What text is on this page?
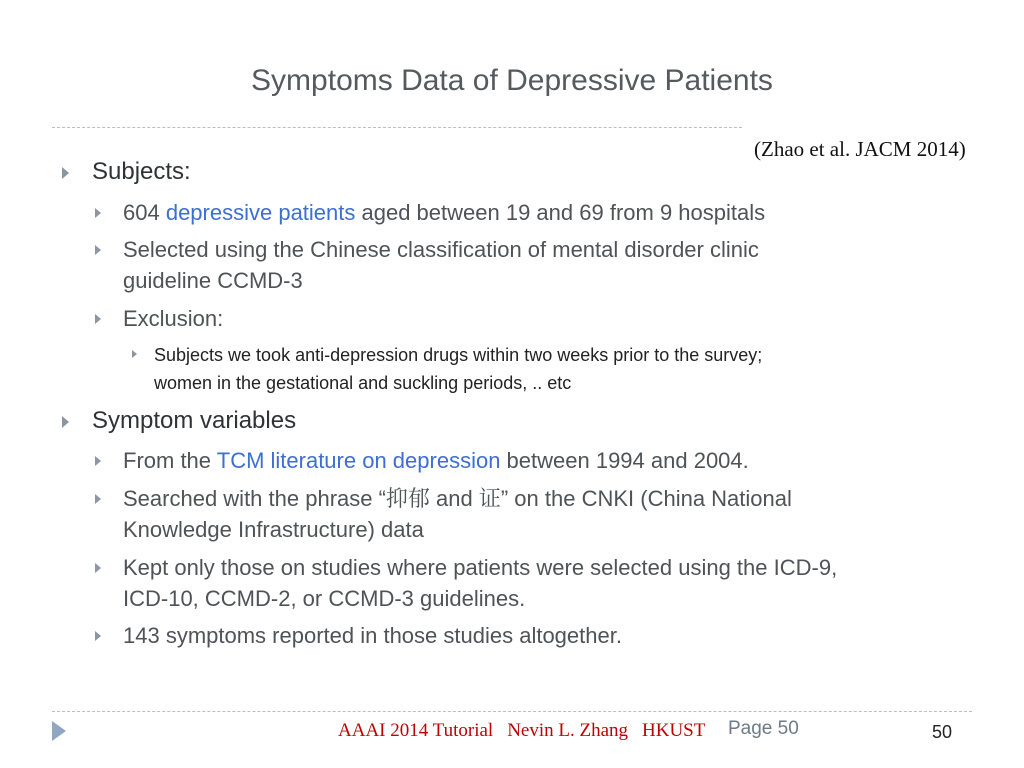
Symptoms Data of Depressive Patients
(Zhao et al. JACM 2014)
Subjects:
604 depressive patients aged between 19 and 69 from 9 hospitals
Selected using the Chinese classification of mental disorder clinic
guideline CCMD-3
Exclusion:
Subjects we took anti-depression drugs within two weeks prior to the survey;
women in the gestational and suckling periods, .. etc
Symptom variables
From the TCM literature on depression between 1994 and 2004.
Searched with the phrase “抑郁 and 证” on the CNKI (China National
Knowledge Infrastructure) data
Kept only those on studies where patients were selected using the ICD-9,
ICD-10, CCMD-2, or CCMD-3 guidelines.
143 symptoms reported in those studies altogether.
AAAI 2014 Tutorial Nevin L. Zhang HKUST	Page 50	50
